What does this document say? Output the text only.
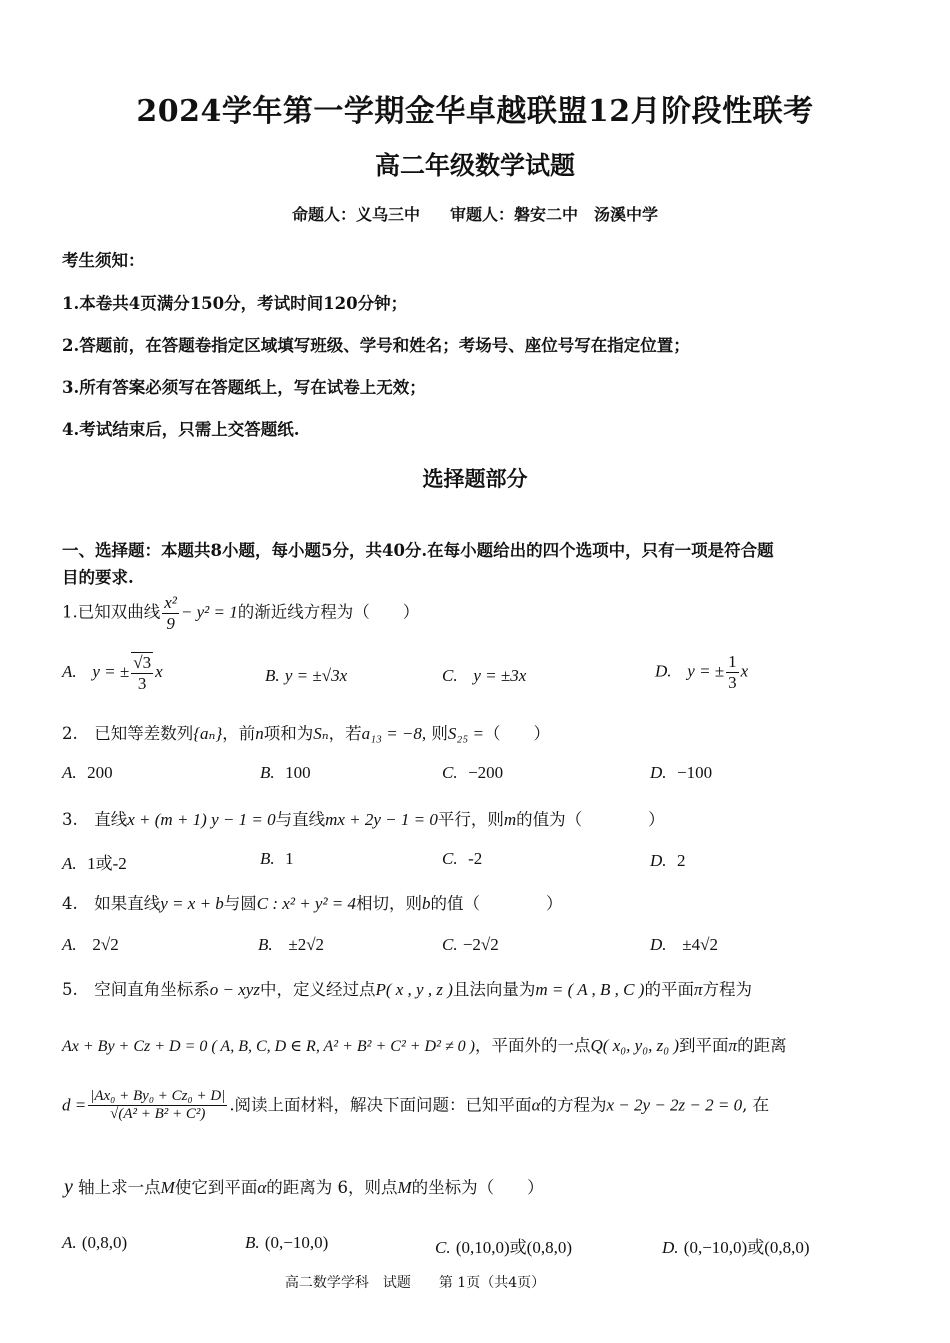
2024学年第一学期金华卓越联盟12月阶段性联考
高二年级数学试题
命题人：义乌三中 审题人：磐安二中　汤溪中学
考生须知：
1.本卷共4页满分150分，考试时间120分钟；
2.答题前，在答题卷指定区域填写班级、学号和姓名；考场号、座位号写在指定位置；
3.所有答案必须写在答题纸上，写在试卷上无效；
4.考试结束后，只需上交答题纸.
选择题部分
一、选择题：本题共8小题，每小题5分，共40分.在每小题给出的四个选项中，只有一项是符合题
目的要求.
1.已知双曲线 $\frac{\text{x²}}{9} - y^2 = 1$的渐近线方程为（　　）
A. y = ± $\frac{√3}{3}$ x	B. y = ±√3x	C. y = ±3x	D. y = ± $\frac{1}{3}$ x
2.　已知等差数列{aₙ}，前n项和为Sₙ，若a₁₃ = −8, 则S₂₅ =（　　）
A. 200	B. 100	C. −200	D. −100
3.　直线x + (m + 1) y − 1 = 0与直线mx + 2y − 1 = 0平行，则m的值为（　　　　）
A. 1或-2	B. 1	C. -2	D. 2
4.　如果直线y = x + b与圆C : x² + y² = 4相切，则b的值（　　　　）
A. 2√2	B. ±2√2	C. −2√2	D. ±4√2
5.　空间直角坐标系o − xyz中，定义经过点P( x , y , z )且法向量为m = ( A , B , C )的平面π方程为
Ax + By + Cz + D = 0 ( A, B, C, D ∈ R, A² + B² + C² + D² ≠ 0 )，平面外的一点Q( x₀, y₀, z₀ )到平面π的距离
$d = \frac{\text{|Ax₀ + By₀ + Cz₀ + D|}}{\text{√(A² + B² + C²)}}$ .阅读上面材料，解决下面问题：已知平面α的方程为x − 2y − 2z − 2 = 0, 在
y 轴上求一点M使它到平面α的距离为 6，则点M的坐标为（　　）
A. (0,8,0)	B. (0,−10,0)	C. (0,10,0)或(0,8,0)	D. (0,−10,0)或(0,8,0)
高二数学学科　试题　　第 1页（共4页）
